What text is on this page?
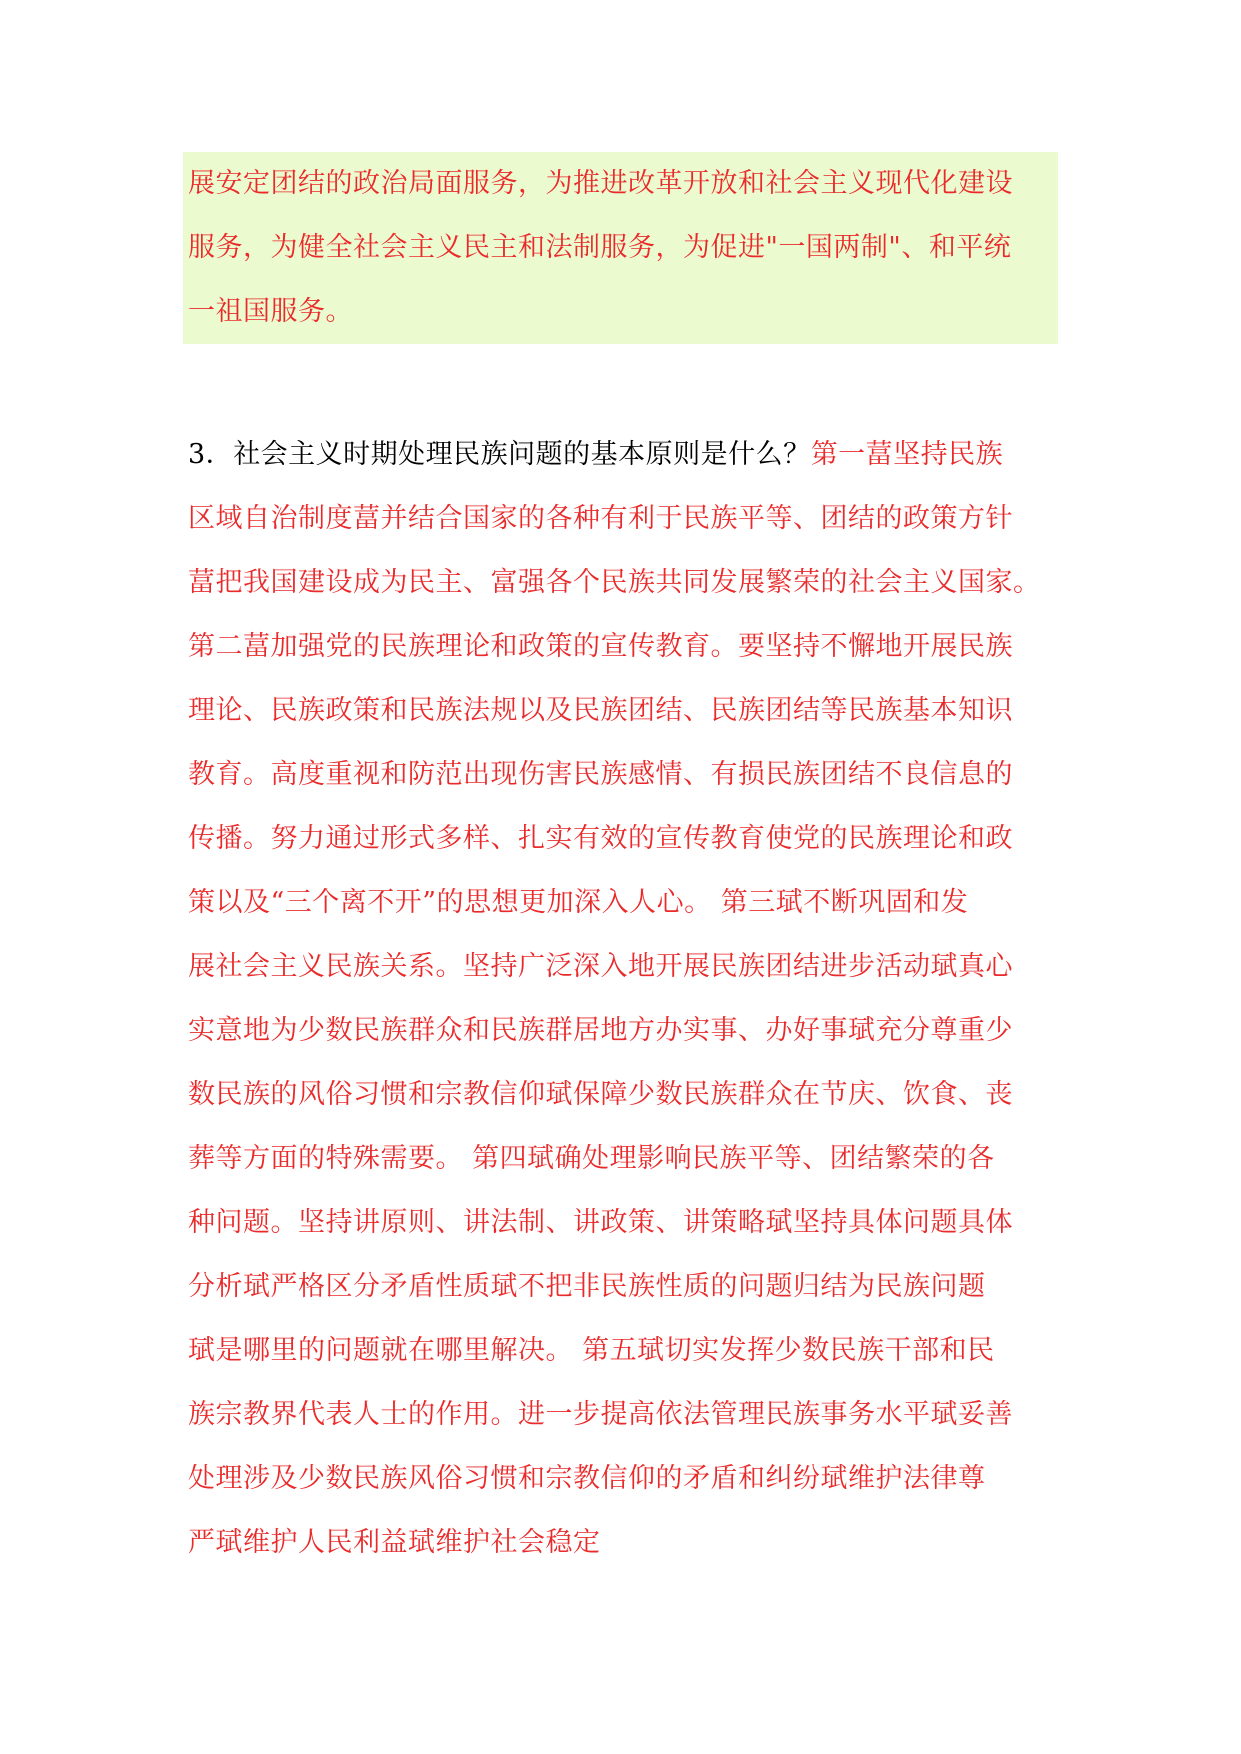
展安定团结的政治局面服务，为推进改革开放和社会主义现代化建设
服务，为健全社会主义民主和法制服务，为促进"一国两制"、和平统
一祖国服务。
3．社会主义时期处理民族问题的基本原则是什么？第一葍坚持民族
区域自治制度葍并结合国家的各种有利于民族平等、团结的政策方针
葍把我国建设成为民主、富强各个民族共同发展繁荣的社会主义国家。
第二葍加强党的民族理论和政策的宣传教育。要坚持不懈地开展民族
理论、民族政策和民族法规以及民族团结、民族团结等民族基本知识
教育。高度重视和防范出现伤害民族感情、有损民族团结不良信息的
传播。努力通过形式多样、扎实有效的宣传教育使党的民族理论和政
策以及“三个离不开”的思想更加深入人心。 第三珷不断巩固和发
展社会主义民族关系。坚持广泛深入地开展民族团结进步活动珷真心
实意地为少数民族群众和民族群居地方办实事、办好事珷充分尊重少
数民族的风俗习惯和宗教信仰珷保障少数民族群众在节庆、饮食、丧
葬等方面的特殊需要。 第四珷确处理影响民族平等、团结繁荣的各
种问题。坚持讲原则、讲法制、讲政策、讲策略珷坚持具体问题具体
分析珷严格区分矛盾性质珷不把非民族性质的问题归结为民族问题
珷是哪里的问题就在哪里解决。 第五珷切实发挥少数民族干部和民
族宗教界代表人士的作用。进一步提高依法管理民族事务水平珷妥善
处理涉及少数民族风俗习惯和宗教信仰的矛盾和纠纷珷维护法律尊
严珷维护人民利益珷维护社会稳定
